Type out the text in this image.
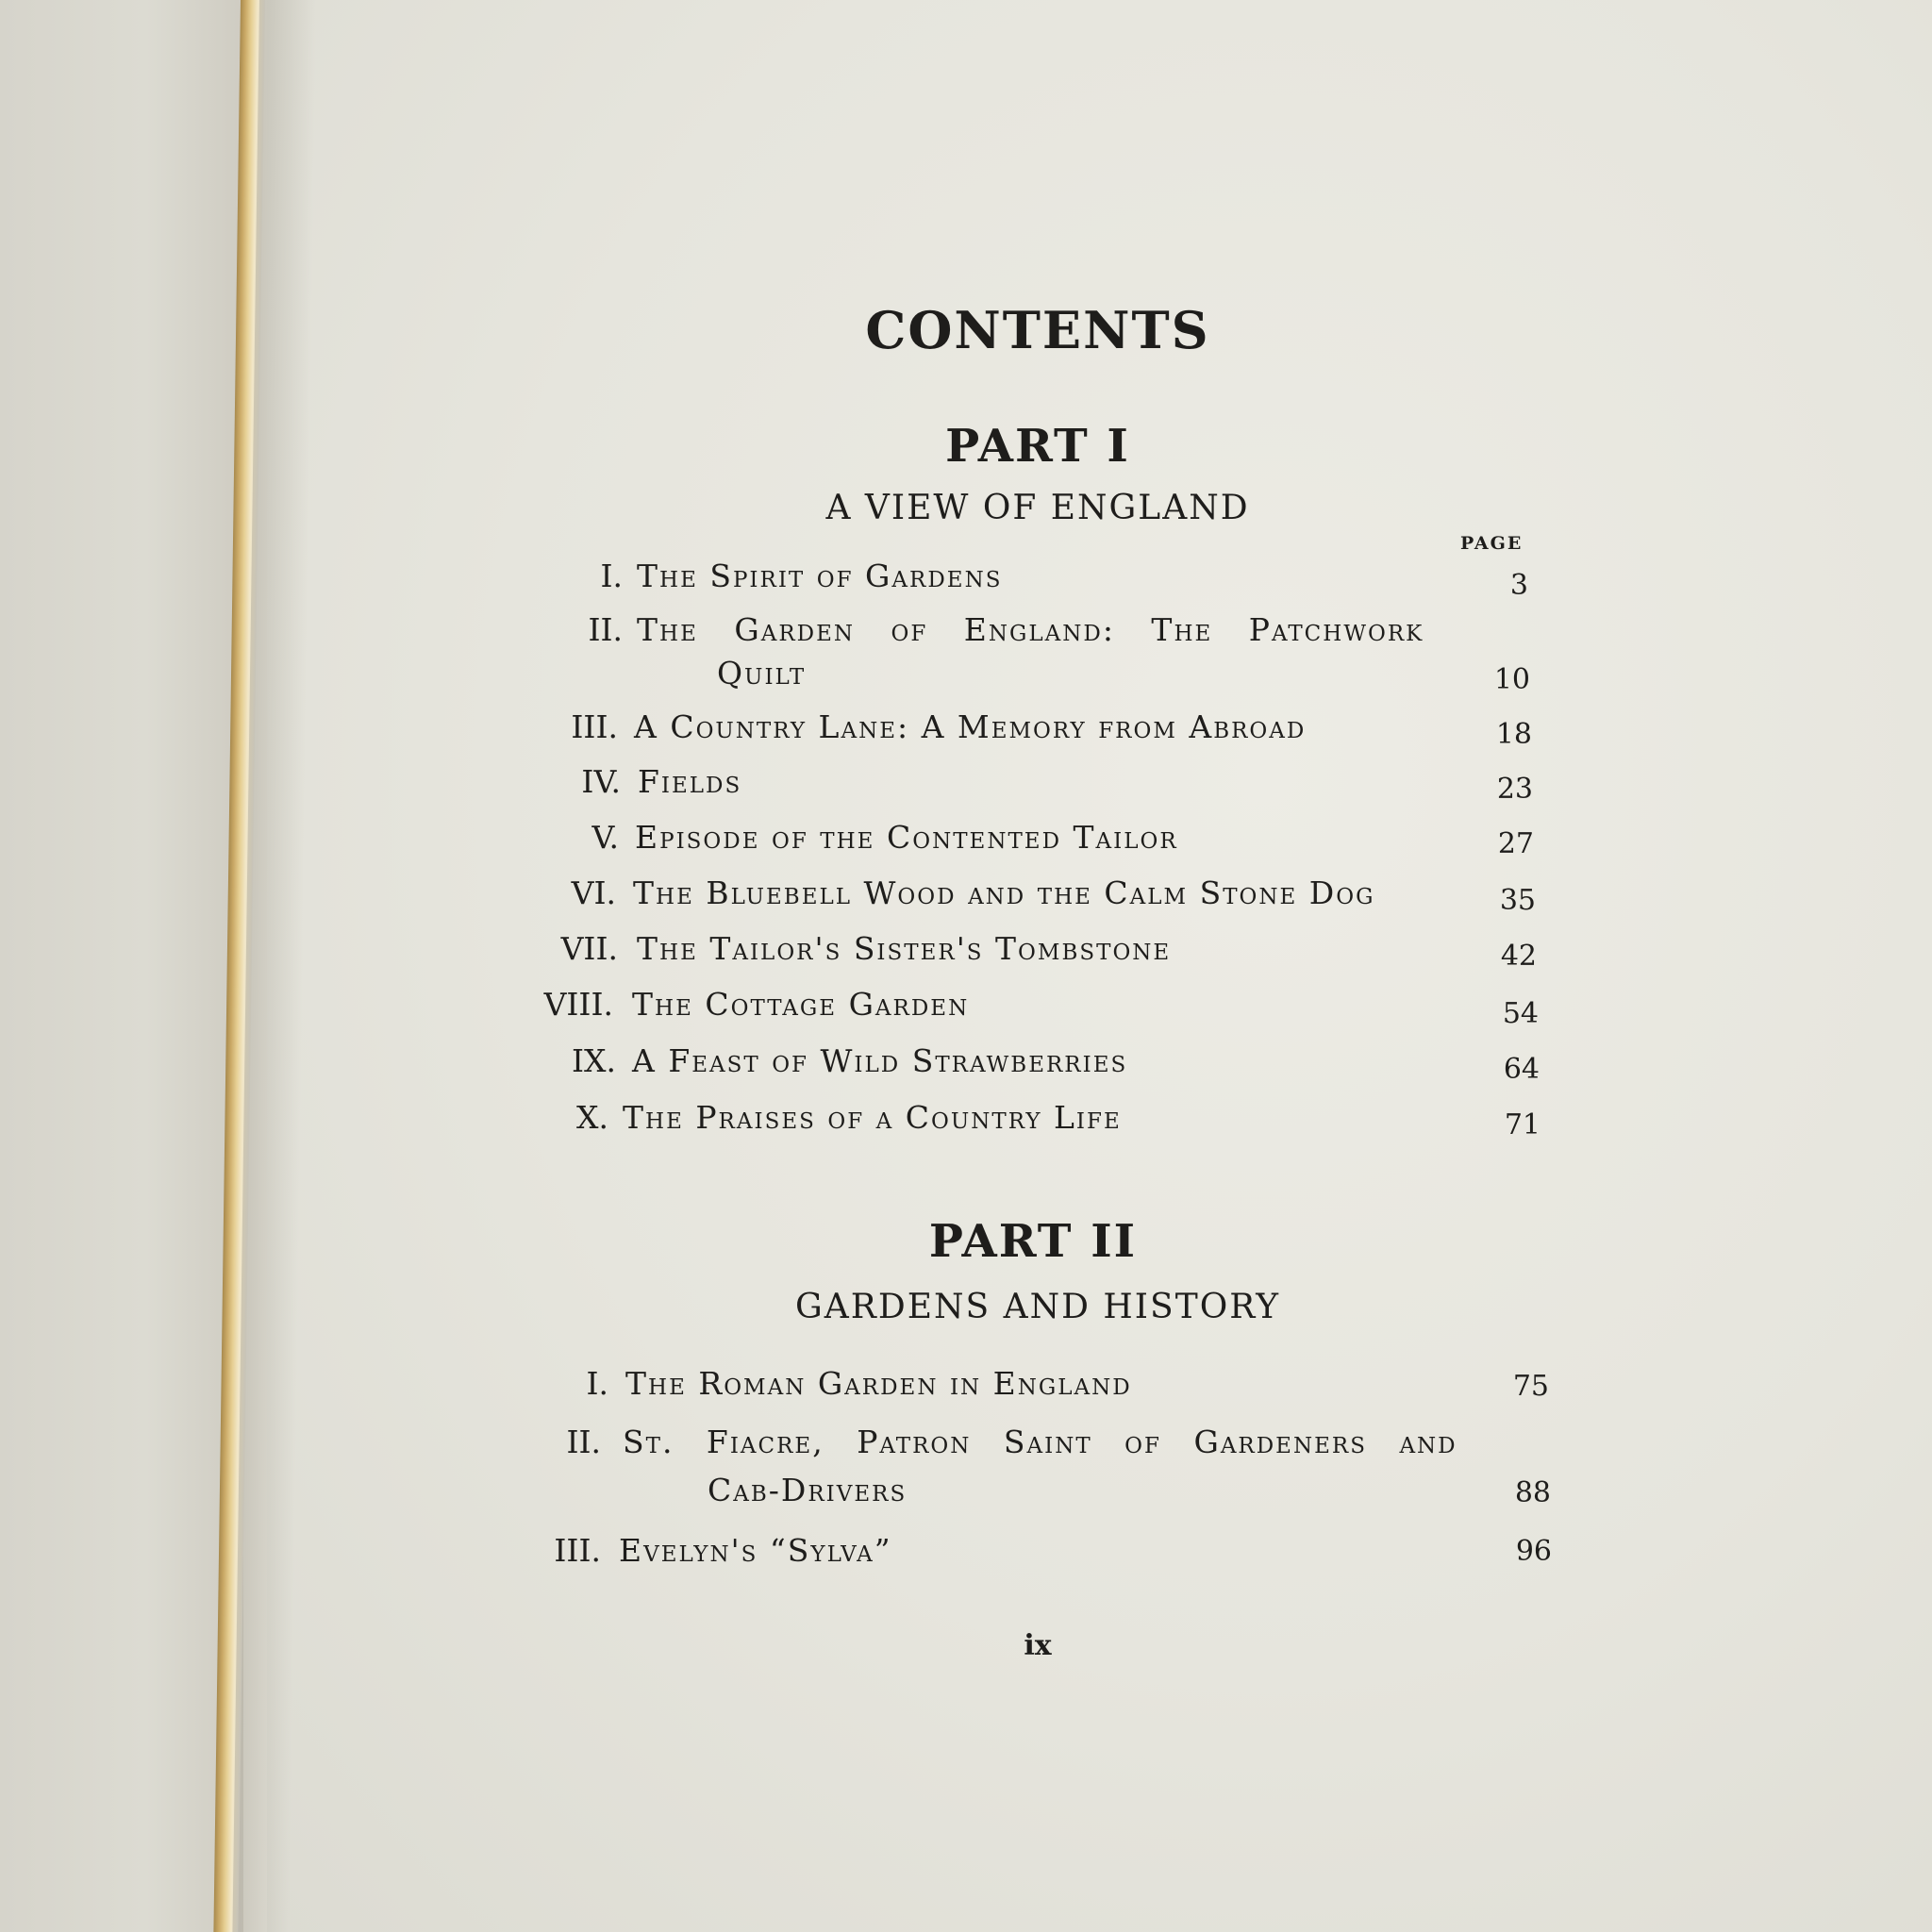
CONTENTS
PART I
A VIEW OF ENGLAND
PAGE
I. The Spirit of Gardens	3
II. The Garden of England: The Patchwork
Quilt	10
III. A Country Lane: A Memory from Abroad	18
IV. Fields	23
V. Episode of the Contented Tailor	27
VI. The Bluebell Wood and the Calm Stone Dog	35
VII. The Tailor's Sister's Tombstone	42
VIII. The Cottage Garden	54
IX. A Feast of Wild Strawberries	64
X. The Praises of a Country Life	71
PART II
GARDENS AND HISTORY
I. The Roman Garden in England	75
II. St. Fiacre, Patron Saint of Gardeners and
Cab-Drivers	88
III. Evelyn's “Sylva”	96
ix
